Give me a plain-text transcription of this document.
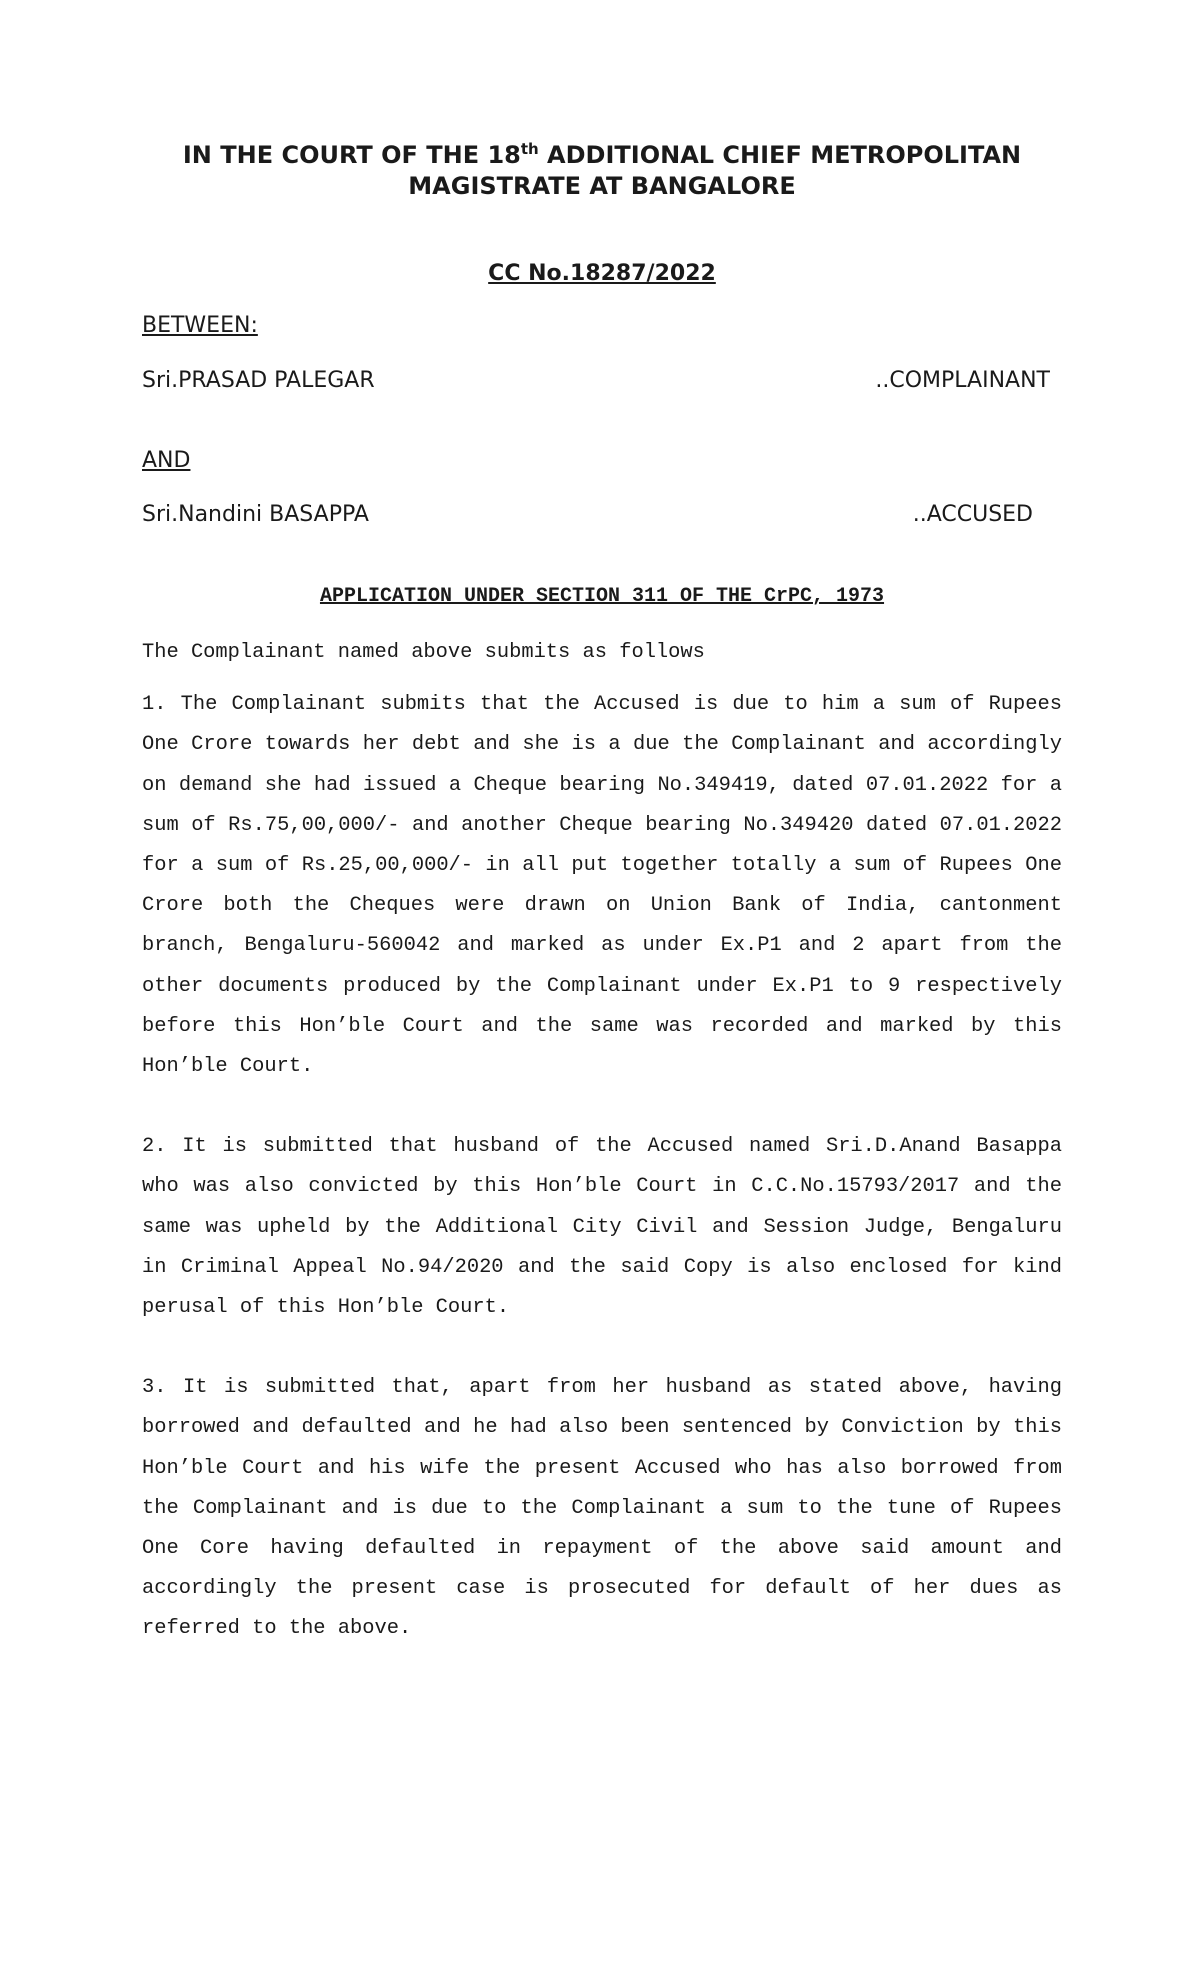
IN THE COURT OF THE 18th ADDITIONAL CHIEF METROPOLITAN
MAGISTRATE AT BANGALORE
CC No.18287/2022
BETWEEN:
Sri.PRASAD PALEGAR	..COMPLAINANT
AND
Sri.Nandini BASAPPA	..ACCUSED
APPLICATION UNDER SECTION 311 OF THE CrPC, 1973
The Complainant named above submits as follows

1. The Complainant submits that the Accused is due to him a sum of Rupees One Crore towards her debt and she is a due the Complainant and accordingly on demand she had issued a Cheque bearing No.349419, dated 07.01.2022 for a sum of Rs.75,00,000/- and another Cheque bearing No.349420 dated 07.01.2022 for a sum of Rs.25,00,000/- in all put together totally a sum of Rupees One Crore both the Cheques were drawn on Union Bank of India, cantonment branch, Bengaluru-560042 and marked as under Ex.P1 and 2 apart from the other documents produced by the Complainant under Ex.P1 to 9 respectively before this Hon’ble Court and the same was recorded and marked by this Hon’ble Court.

2. It is submitted that husband of the Accused named Sri.D.Anand Basappa who was also convicted by this Hon’ble Court in C.C.No.15793/2017 and the same was upheld by the Additional City Civil and Session Judge, Bengaluru in Criminal Appeal No.94/2020 and the said Copy is also enclosed for kind perusal of this Hon’ble Court.

3. It is submitted that, apart from her husband as stated above, having borrowed and defaulted and he had also been sentenced by Conviction by this Hon’ble Court and his wife the present Accused who has also borrowed from the Complainant and is due to the Complainant a sum to the tune of Rupees One Core having defaulted in repayment of the above said amount and accordingly the present case is prosecuted for default of her dues as referred to the above.
